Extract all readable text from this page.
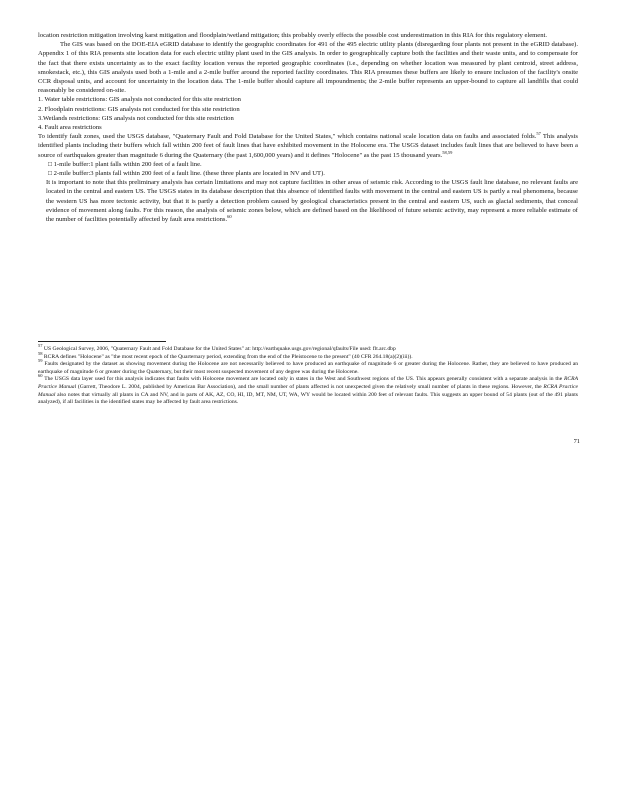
location restriction mitigation involving karst mitigation and floodplain/wetland mitigation; this probably overly effects the possible cost underestimation in this RIA for this regulatory element.

The GIS was based on the DOE-EIA eGRID database to identify the geographic coordinates for 491 of the 495 electric utility plants (disregarding four plants not present in the eGRID database). Appendix 1 of this RIA presents site location data for each electric utility plant used in the GIS analysis. In order to geographically capture both the facilities and their waste units, and to compensate for the fact that there exists uncertainty as to the exact facility location versus the reported geographic coordinates (i.e., depending on whether location was measured by plant centroid, street address, smokestack, etc.), this GIS analysis used both a 1-mile and a 2-mile buffer around the reported facility coordinates. This RIA presumes these buffers are likely to ensure inclusion of the facility's onsite CCR disposal units, and account for uncertainty in the location data. The 1-mile buffer should capture all impoundments; the 2-mile buffer represents an upper-bound to capture all landfills that could reasonably be considered on-site.

1. Water table restrictions: GIS analysis not conducted for this site restriction

2. Floodplain restrictions: GIS analysis not conducted for this site restriction

3.Wetlands restrictions: GIS analysis not conducted for this site restriction

4. Fault area restrictions

To identify fault zones, used the USGS database, "Quaternary Fault and Fold Database for the United States," which contains national scale location data on faults and associated folds.$^{57}$ This analysis identified plants including their buffers which fall within 200 feet of fault lines that have exhibited movement in the Holocene era. The USGS dataset includes fault lines that are believed to have been a source of earthquakes greater than magnitude 6 during the Quaternary (the past 1,600,000 years) and it defines "Holocene" as the past 15 thousand years.$^{58,59}$

□ 1-mile buffer:1 plant falls within 200 feet of a fault line.

□ 2-mile buffer:3 plants fall within 200 feet of a fault line. (these three plants are located in NV and UT).

It is important to note that this preliminary analysis has certain limitations and may not capture facilities in other areas of seismic risk. According to the USGS fault line database, no relevant faults are located in the central and eastern US. The USGS states in its database description that this absence of identified faults with movement in the central and eastern US is partly a real phenomena, because the western US has more tectonic activity, but that it is partly a detection problem caused by geological characteristics present in the central and eastern US, such as glacial sediments, that conceal evidence of movement along faults. For this reason, the analysis of seismic zones below, which are defined based on the likelihood of future seismic activity, may represent a more reliable estimate of the number of facilities potentially affected by fault area restrictions.$^{60}$

$^{57}$ US Geological Survey, 2006, "Quaternary Fault and Fold Database for the United States" at: http://earthquake.usgs.gov/regional/qfaults/File used: flt.arc.dbp

$^{58}$ RCRA defines "Holocene" as "the most recent epoch of the Quarternary period, extending from the end of the Pleistocene to the present" (40 CFR 264.18(a)(2)(iii)).

$^{59}$ Faults designated by the dataset as showing movement during the Holocene are not necessarily believed to have produced an earthquake of magnitude 6 or greater during the Holocene. Rather, they are believed to have produced an earthquake of magnitude 6 or greater during the Quaternary, but their most recent suspected movement of any degree was during the Holocene.

$^{60}$ The USGS data layer used for this analysis indicates that faults with Holocene movement are located only in states in the West and Southwest regions of the US. This appears generally consistent with a separate analysis in the RCRA Practice Manual (Garrett, Theodore L. 2004, published by American Bar Association), and the small number of plants affected is not unexpected given the relatively small number of plants in these regions. However, the RCRA Practice Manual also notes that virtually all plants in CA and NV, and in parts of AK, AZ, CO, HI, ID, MT, NM, UT, WA, WY would be located within 200 feet of relevant faults. This suggests an upper bound of 54 plants (out of the 491 plants analyzed), if all facilities in the identified states may be affected by fault area restrictions.

71
